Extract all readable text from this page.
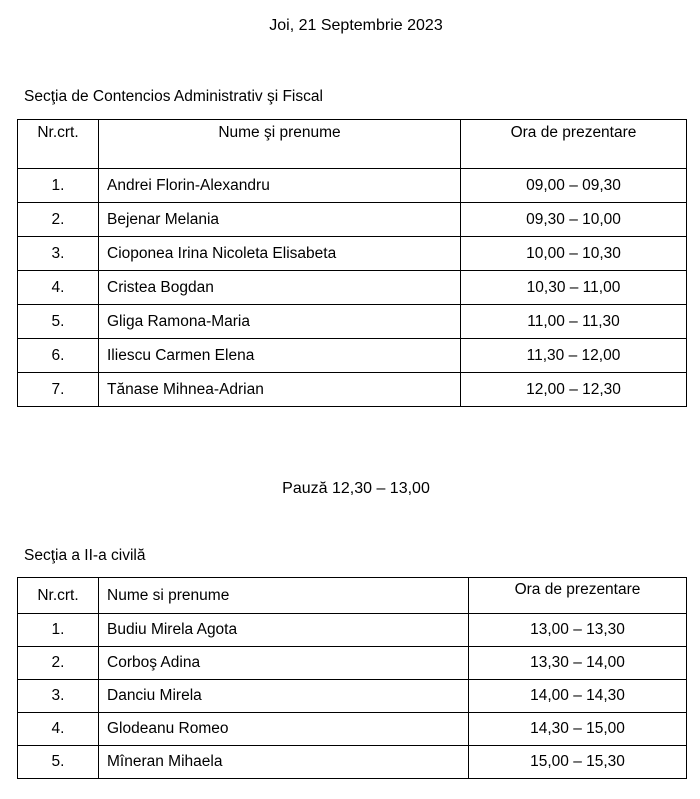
Joi, 21 Septembrie 2023
Secţia de Contencios Administrativ şi Fiscal
Nr.crt.	Nume şi prenume	Ora de prezentare
1.	Andrei Florin-Alexandru	09,00 – 09,30
2.	Bejenar Melania	09,30 – 10,00
3.	Cioponea Irina Nicoleta Elisabeta	10,00 – 10,30
4.	Cristea Bogdan	10,30 – 11,00
5.	Gliga Ramona-Maria	11,00 – 11,30
6.	Iliescu Carmen Elena	11,30 – 12,00
7.	Tănase Mihnea-Adrian	12,00 – 12,30
Pauză 12,30 – 13,00
Secţia a II-a civilă
Nr.crt.	Nume si prenume	Ora de prezentare
1.	Budiu Mirela Agota	13,00 – 13,30
2.	Corboş Adina	13,30 – 14,00
3.	Danciu Mirela	14,00 – 14,30
4.	Glodeanu Romeo	14,30 – 15,00
5.	Mîneran Mihaela	15,00 – 15,30
